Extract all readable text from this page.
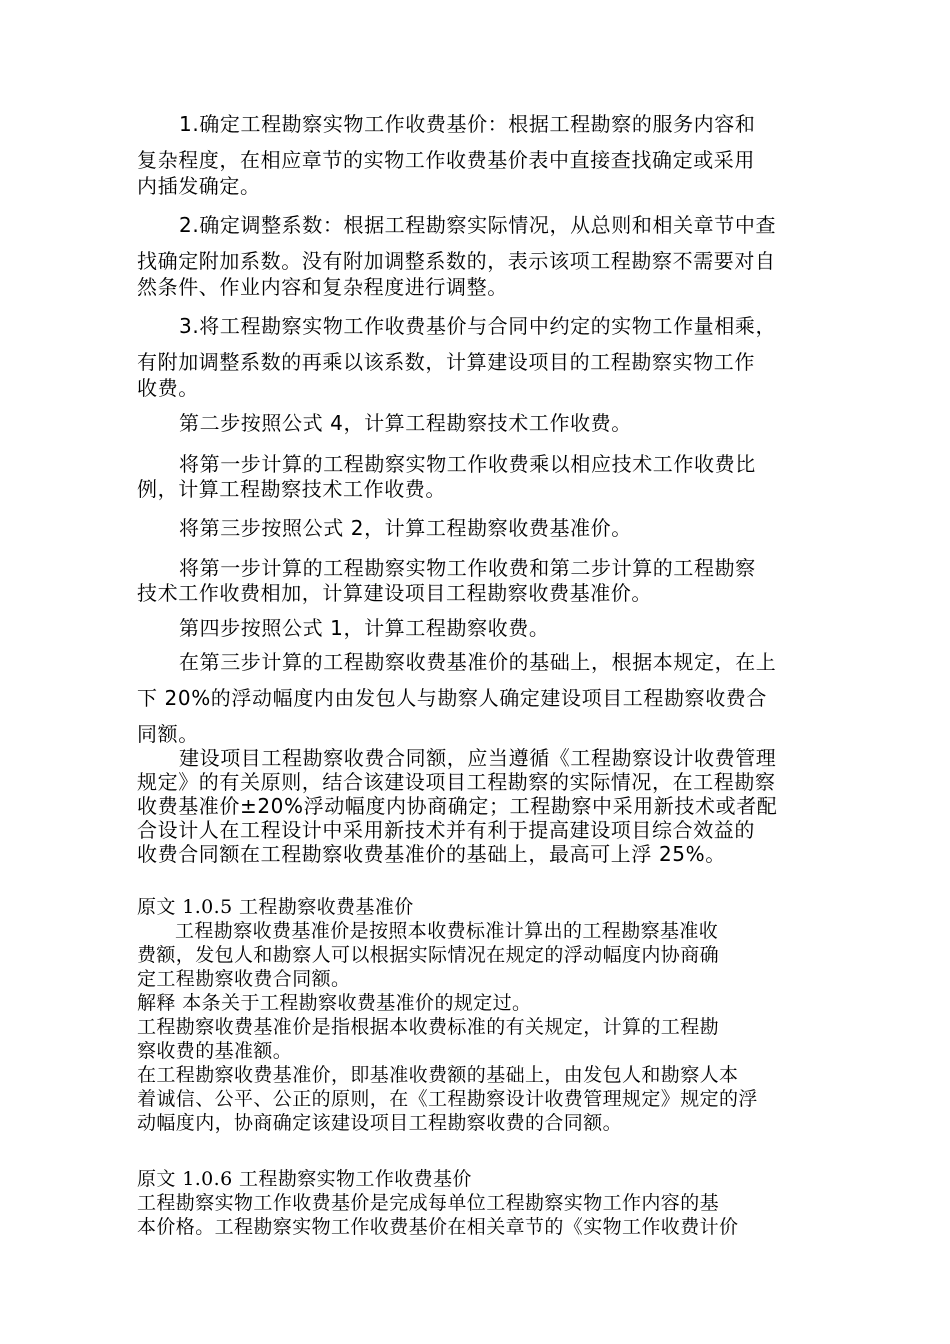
1.确定工程勘察实物工作收费基价：根据工程勘察的服务内容和
复杂程度，在相应章节的实物工作收费基价表中直接查找确定或采用
内插发确定。
2.确定调整系数：根据工程勘察实际情况，从总则和相关章节中查
找确定附加系数。没有附加调整系数的，表示该项工程勘察不需要对自
然条件、作业内容和复杂程度进行调整。
3.将工程勘察实物工作收费基价与合同中约定的实物工作量相乘，
有附加调整系数的再乘以该系数，计算建设项目的工程勘察实物工作
收费。
第二步按照公式 4，计算工程勘察技术工作收费。
将第一步计算的工程勘察实物工作收费乘以相应技术工作收费比
例，计算工程勘察技术工作收费。
将第三步按照公式 2，计算工程勘察收费基准价。
将第一步计算的工程勘察实物工作收费和第二步计算的工程勘察
技术工作收费相加，计算建设项目工程勘察收费基准价。
第四步按照公式 1，计算工程勘察收费。
在第三步计算的工程勘察收费基准价的基础上，根据本规定，在上
下 20%的浮动幅度内由发包人与勘察人确定建设项目工程勘察收费合
同额。
建设项目工程勘察收费合同额，应当遵循《工程勘察设计收费管理
规定》的有关原则，结合该建设项目工程勘察的实际情况，在工程勘察
收费基准价±20%浮动幅度内协商确定；工程勘察中采用新技术或者配
合设计人在工程设计中采用新技术并有利于提高建设项目综合效益的
收费合同额在工程勘察收费基准价的基础上，最高可上浮 25%。
原文 1.0.5 工程勘察收费基准价
工程勘察收费基准价是按照本收费标准计算出的工程勘察基准收
费额，发包人和勘察人可以根据实际情况在规定的浮动幅度内协商确
定工程勘察收费合同额。
解释 本条关于工程勘察收费基准价的规定过。
工程勘察收费基准价是指根据本收费标准的有关规定，计算的工程勘
察收费的基准额。
在工程勘察收费基准价，即基准收费额的基础上，由发包人和勘察人本
着诚信、公平、公正的原则，在《工程勘察设计收费管理规定》规定的浮
动幅度内，协商确定该建设项目工程勘察收费的合同额。
原文 1.0.6 工程勘察实物工作收费基价
工程勘察实物工作收费基价是完成每单位工程勘察实物工作内容的基
本价格。工程勘察实物工作收费基价在相关章节的《实物工作收费计价
